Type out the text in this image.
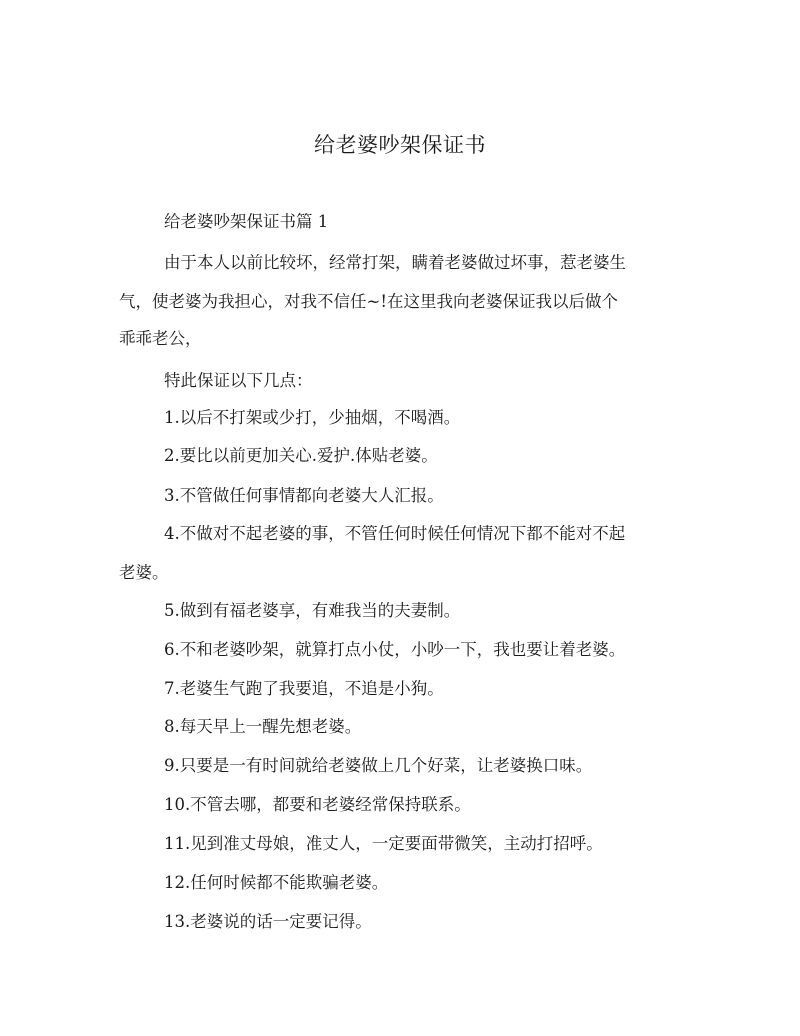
给老婆吵架保证书
给老婆吵架保证书篇 1
由于本人以前比较坏，经常打架，瞒着老婆做过坏事，惹老婆生
气，使老婆为我担心，对我不信任~!在这里我向老婆保证我以后做个
乖乖老公，
特此保证以下几点：
1.以后不打架或少打，少抽烟，不喝酒。
2.要比以前更加关心.爱护.体贴老婆。
3.不管做任何事情都向老婆大人汇报。
4.不做对不起老婆的事，不管任何时候任何情况下都不能对不起
老婆。
5.做到有福老婆享，有难我当的夫妻制。
6.不和老婆吵架，就算打点小仗，小吵一下，我也要让着老婆。
7.老婆生气跑了我要追，不追是小狗。
8.每天早上一醒先想老婆。
9.只要是一有时间就给老婆做上几个好菜，让老婆换口味。
10.不管去哪，都要和老婆经常保持联系。
11.见到准丈母娘，准丈人，一定要面带微笑，主动打招呼。
12.任何时候都不能欺骗老婆。
13.老婆说的话一定要记得。
